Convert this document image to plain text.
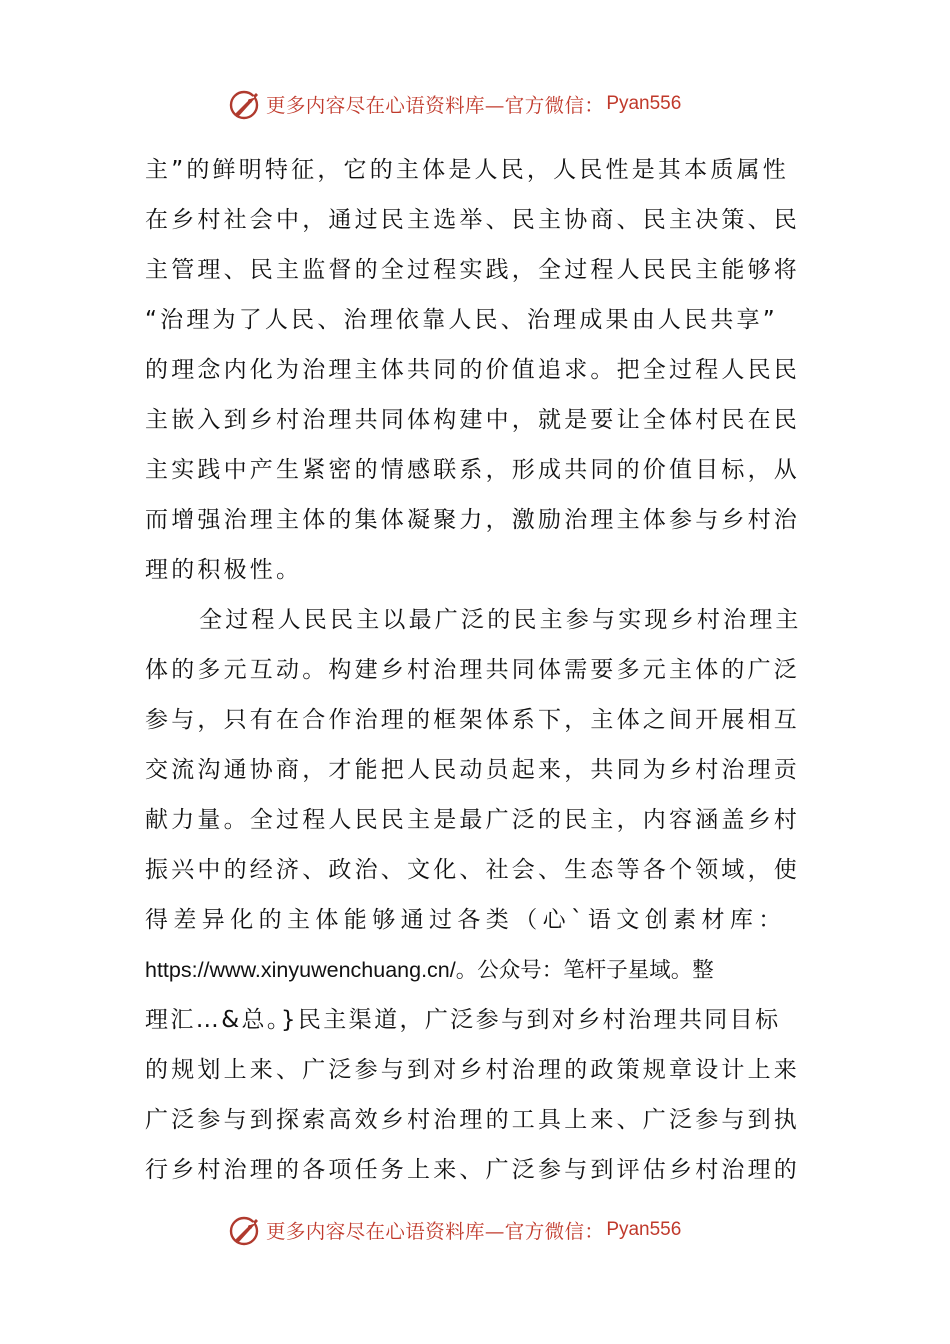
更多内容尽在心语资料库—官方微信： Pyan556
主”的鲜明特征，它的主体是人民，人民性是其本质属性
在乡村社会中，通过民主选举、民主协商、民主决策、民
主管理、民主监督的全过程实践，全过程人民民主能够将
“治理为了人民、治理依靠人民、治理成果由人民共享”
的理念内化为治理主体共同的价值追求。把全过程人民民
主嵌入到乡村治理共同体构建中，就是要让全体村民在民
主实践中产生紧密的情感联系，形成共同的价值目标，从
而增强治理主体的集体凝聚力，激励治理主体参与乡村治
理的积极性。
全过程人民民主以最广泛的民主参与实现乡村治理主
体的多元互动。构建乡村治理共同体需要多元主体的广泛
参与，只有在合作治理的框架体系下，主体之间开展相互
交流沟通协商，才能把人民动员起来，共同为乡村治理贡
献力量。全过程人民民主是最广泛的民主，内容涵盖乡村
振兴中的经济、政治、文化、社会、生态等各个领域，使
得差异化的主体能够通过各类（心`语文创素材库：
https://www.xinyuwenchuang.cn/。公众号：笔杆子星域。整
理汇…&总。}民主渠道，广泛参与到对乡村治理共同目标
的规划上来、广泛参与到对乡村治理的政策规章设计上来
广泛参与到探索高效乡村治理的工具上来、广泛参与到执
行乡村治理的各项任务上来、广泛参与到评估乡村治理的
更多内容尽在心语资料库—官方微信： Pyan556
